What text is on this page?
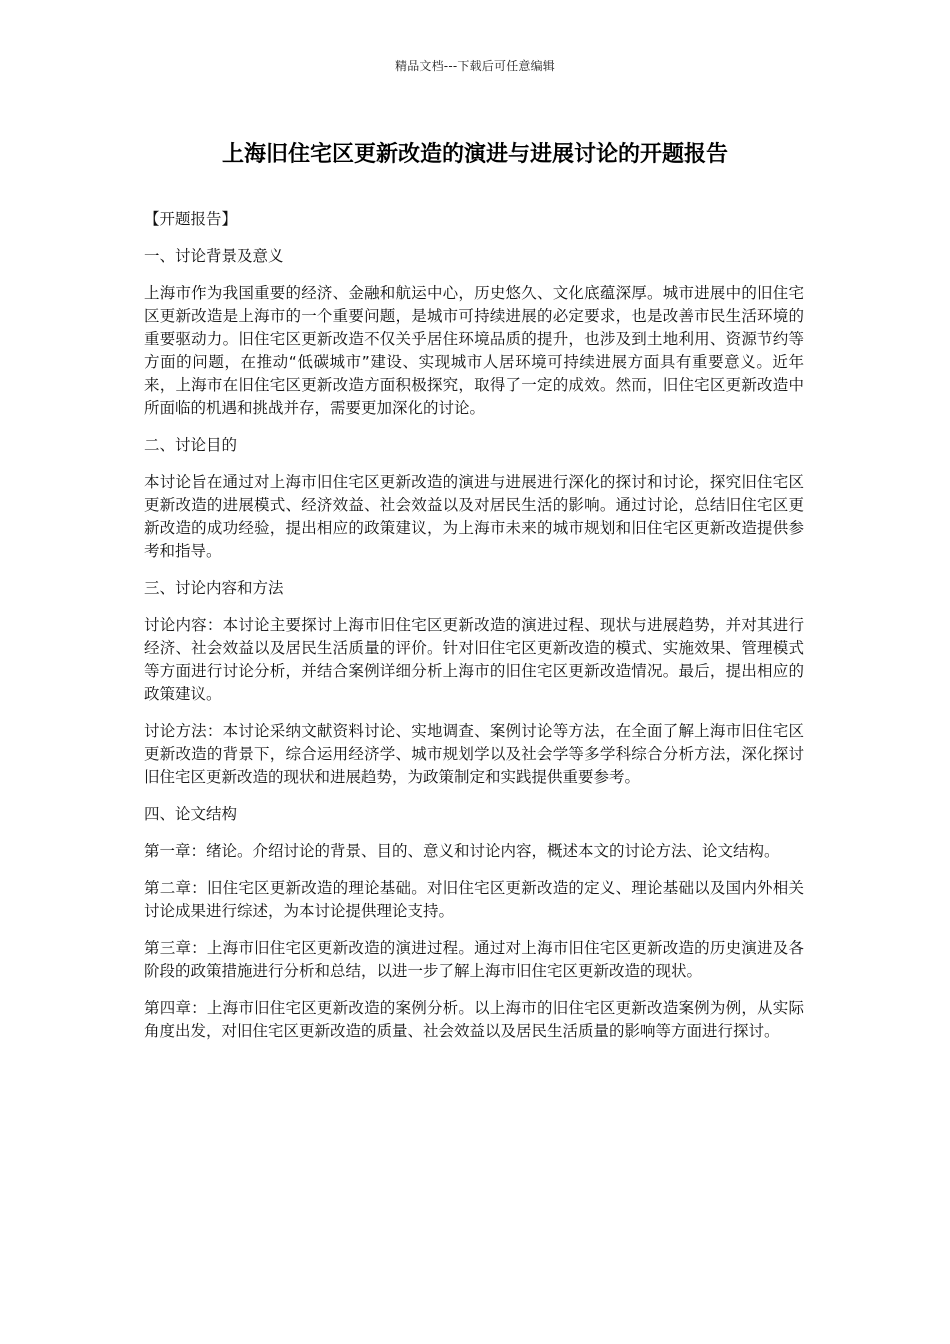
精品文档---下载后可任意编辑
上海旧住宅区更新改造的演进与进展讨论的开题报告

【开题报告】

一、讨论背景及意义

上海市作为我国重要的经济、金融和航运中心，历史悠久、文化底蕴深厚。城市进展中的旧住宅区更新改造是上海市的一个重要问题，是城市可持续进展的必定要求，也是改善市民生活环境的重要驱动力。旧住宅区更新改造不仅关乎居住环境品质的提升，也涉及到土地利用、资源节约等方面的问题，在推动“低碳城市”建设、实现城市人居环境可持续进展方面具有重要意义。近年来，上海市在旧住宅区更新改造方面积极探究，取得了一定的成效。然而，旧住宅区更新改造中所面临的机遇和挑战并存，需要更加深化的讨论。

二、讨论目的

本讨论旨在通过对上海市旧住宅区更新改造的演进与进展进行深化的探讨和讨论，探究旧住宅区更新改造的进展模式、经济效益、社会效益以及对居民生活的影响。通过讨论，总结旧住宅区更新改造的成功经验，提出相应的政策建议，为上海市未来的城市规划和旧住宅区更新改造提供参考和指导。

三、讨论内容和方法

讨论内容：本讨论主要探讨上海市旧住宅区更新改造的演进过程、现状与进展趋势，并对其进行经济、社会效益以及居民生活质量的评价。针对旧住宅区更新改造的模式、实施效果、管理模式等方面进行讨论分析，并结合案例详细分析上海市的旧住宅区更新改造情况。最后，提出相应的政策建议。

讨论方法：本讨论采纳文献资料讨论、实地调查、案例讨论等方法，在全面了解上海市旧住宅区更新改造的背景下，综合运用经济学、城市规划学以及社会学等多学科综合分析方法，深化探讨旧住宅区更新改造的现状和进展趋势，为政策制定和实践提供重要参考。

四、论文结构

第一章：绪论。介绍讨论的背景、目的、意义和讨论内容，概述本文的讨论方法、论文结构。

第二章：旧住宅区更新改造的理论基础。对旧住宅区更新改造的定义、理论基础以及国内外相关讨论成果进行综述，为本讨论提供理论支持。

第三章：上海市旧住宅区更新改造的演进过程。通过对上海市旧住宅区更新改造的历史演进及各阶段的政策措施进行分析和总结，以进一步了解上海市旧住宅区更新改造的现状。

第四章：上海市旧住宅区更新改造的案例分析。以上海市的旧住宅区更新改造案例为例，从实际角度出发，对旧住宅区更新改造的质量、社会效益以及居民生活质量的影响等方面进行探讨。
